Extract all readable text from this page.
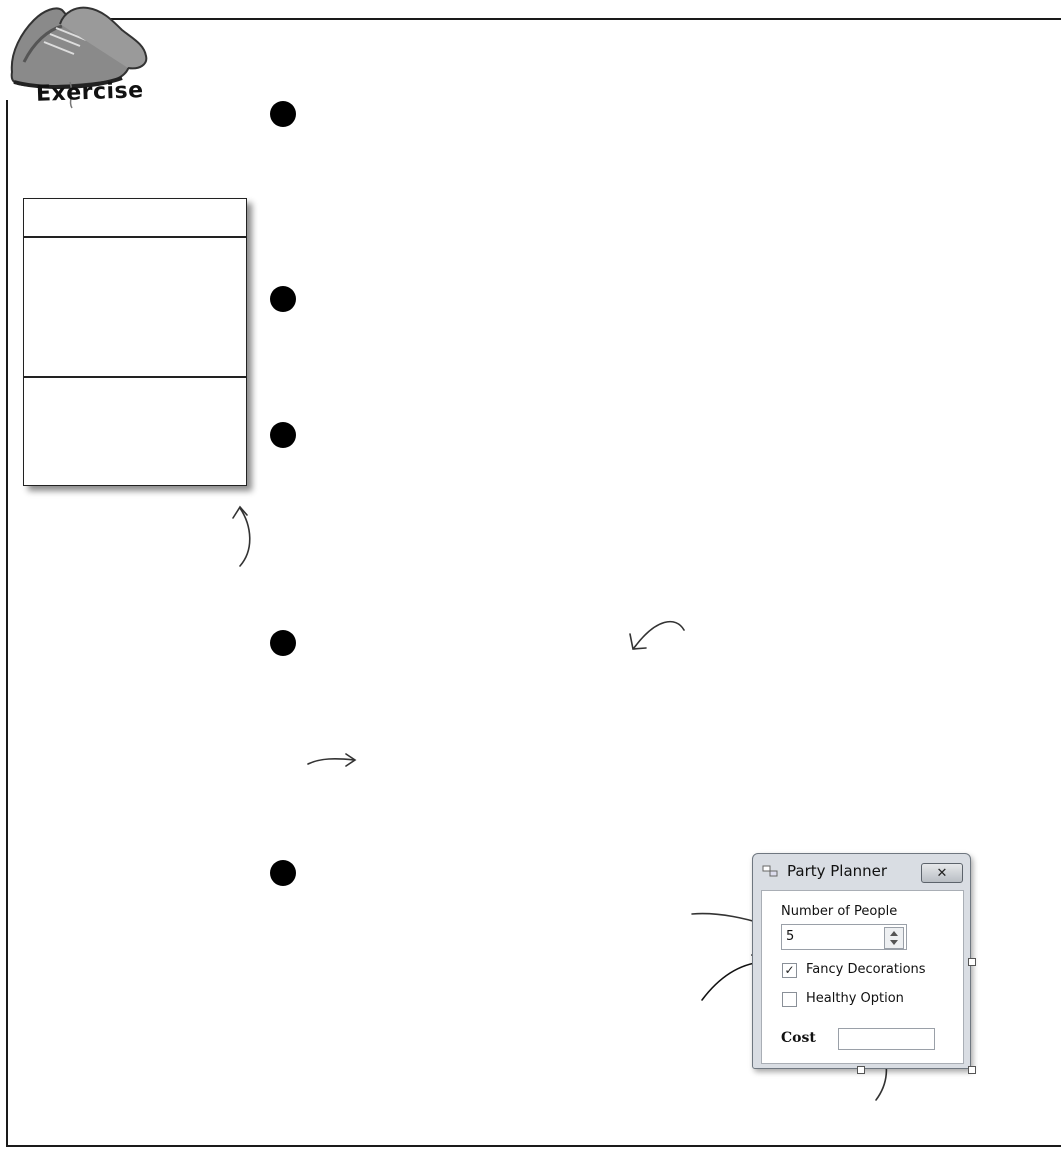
Exercise
Party Planner	✕
Number of People
5
✓ Fancy Decorations
Healthy Option
Cost
